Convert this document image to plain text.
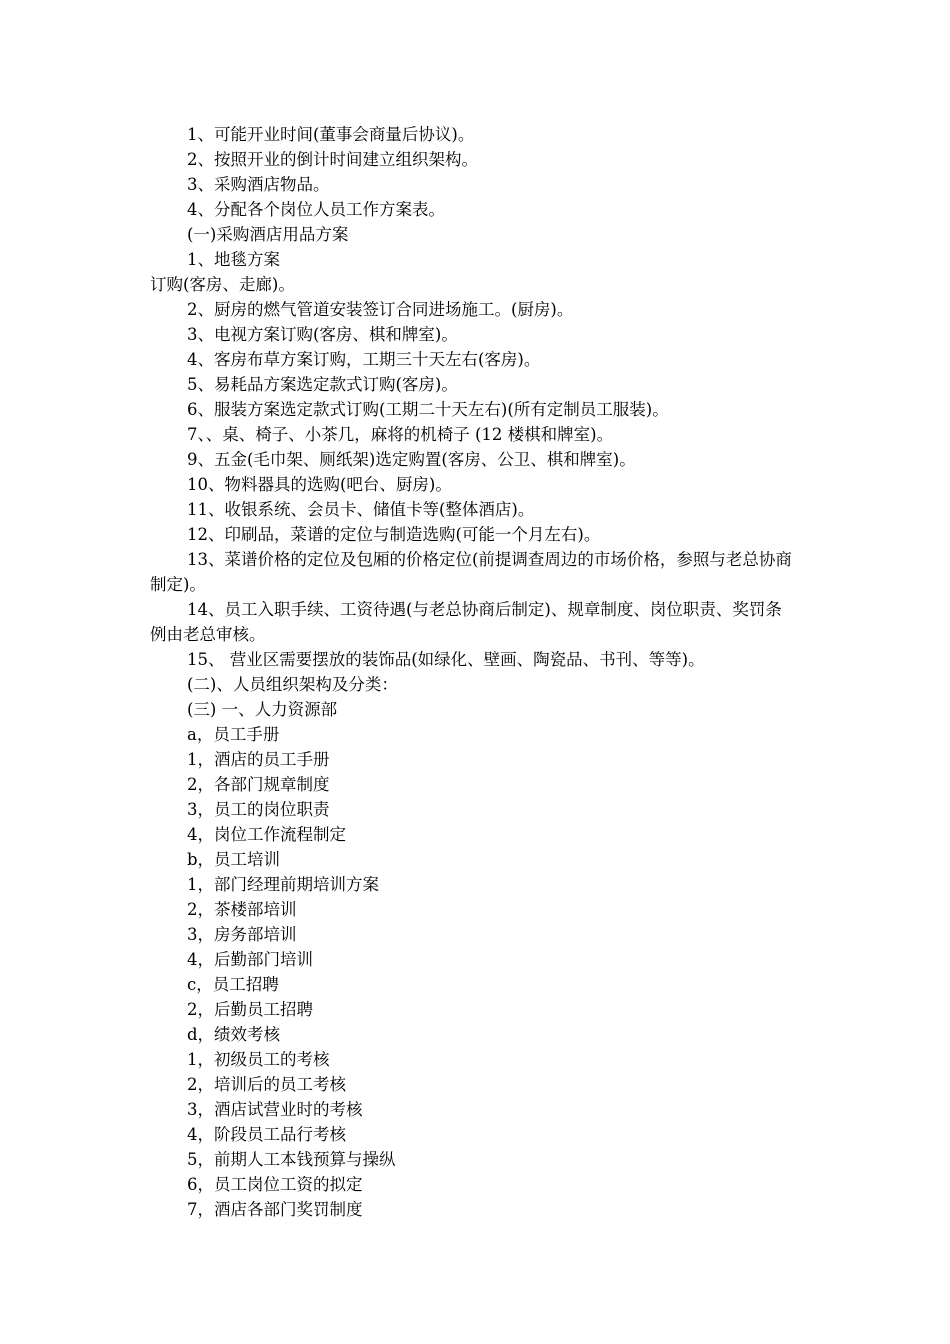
1、可能开业时间(董事会商量后协议)。

2、按照开业的倒计时间建立组织架构。

3、采购酒店物品。

4、分配各个岗位人员工作方案表。

(一)采购酒店用品方案

1、地毯方案

订购(客房、走廊)。

2、厨房的燃气管道安装签订合同进场施工。(厨房)。

3、电视方案订购(客房、棋和牌室)。

4、客房布草方案订购，工期三十天左右(客房)。

5、易耗品方案选定款式订购(客房)。

6、服装方案选定款式订购(工期二十天左右)(所有定制员工服装)。

7、、桌、椅子、小茶几，麻将的机椅子 (12 楼棋和牌室)。

9、五金(毛巾架、厕纸架)选定购置(客房、公卫、棋和牌室)。

10、物料器具的选购(吧台、厨房)。

11、收银系统、会员卡、储值卡等(整体酒店)。

12、印刷品，菜谱的定位与制造选购(可能一个月左右)。

13、菜谱价格的定位及包厢的价格定位(前提调查周边的市场价格，参照与老总协商制定)。

14、员工入职手续、工资待遇(与老总协商后制定)、规章制度、岗位职责、奖罚条例由老总审核。

15、 营业区需要摆放的装饰品(如绿化、壁画、陶瓷品、书刊、等等)。

(二)、人员组织架构及分类：

(三) 一、人力资源部

a，员工手册

1，酒店的员工手册

2，各部门规章制度

3，员工的岗位职责

4，岗位工作流程制定

b，员工培训

1，部门经理前期培训方案

2，茶楼部培训

3，房务部培训

4，后勤部门培训

c，员工招聘

2，后勤员工招聘

d，绩效考核

1，初级员工的考核

2，培训后的员工考核

3，酒店试营业时的考核

4，阶段员工品行考核

5，前期人工本钱预算与操纵

6，员工岗位工资的拟定

7，酒店各部门奖罚制度
